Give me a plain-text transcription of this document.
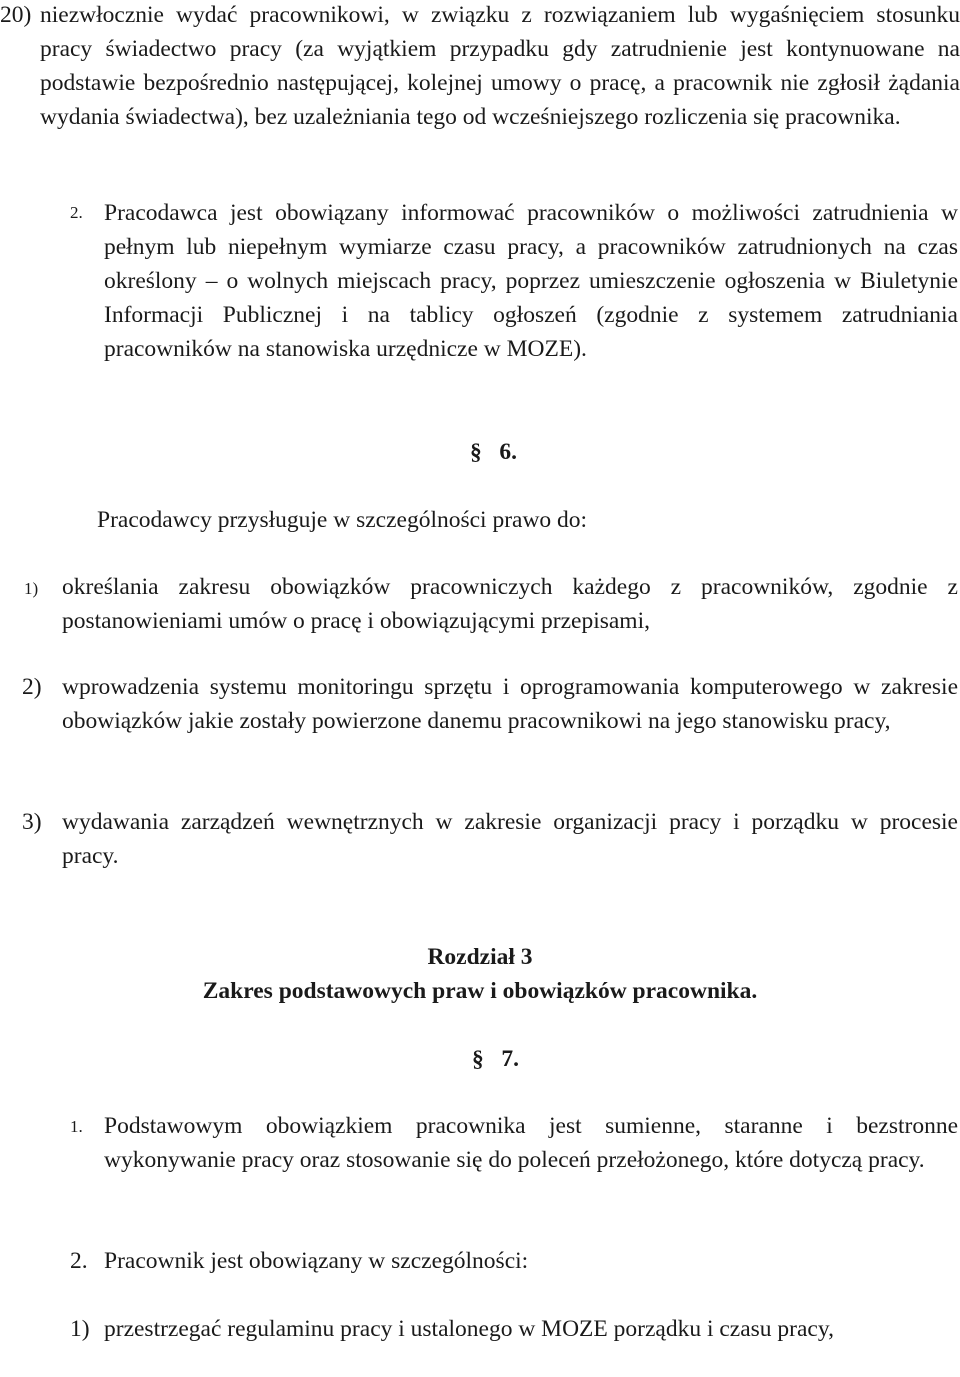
20) niezwłocznie wydać pracownikowi, w związku z rozwiązaniem lub wygaśnięciem stosunku pracy świadectwo pracy (za wyjątkiem przypadku gdy zatrudnienie jest kontynuowane na podstawie bezpośrednio następującej, kolejnej umowy o pracę, a pracownik nie zgłosił żądania wydania świadectwa), bez uzależniania tego od wcześniejszego rozliczenia się pracownika.
2. Pracodawca jest obowiązany informować pracowników o możliwości zatrudnienia w pełnym lub niepełnym wymiarze czasu pracy, a pracowników zatrudnionych na czas określony – o wolnych miejscach pracy, poprzez umieszczenie ogłoszenia w Biuletynie Informacji Publicznej i na tablicy ogłoszeń (zgodnie z systemem zatrudniania pracowników na stanowiska urzędnicze w MOZE).
§ 6.
Pracodawcy przysługuje w szczególności prawo do:
1) określania zakresu obowiązków pracowniczych każdego z pracowników, zgodnie z postanowieniami umów o pracę i obowiązującymi przepisami,
2) wprowadzenia systemu monitoringu sprzętu i oprogramowania komputerowego w zakresie obowiązków jakie zostały powierzone danemu pracownikowi na jego stanowisku pracy,
3) wydawania zarządzeń wewnętrznych w zakresie organizacji pracy i porządku w procesie pracy.
Rozdział 3
Zakres podstawowych praw i obowiązków pracownika.
§ 7.
1. Podstawowym obowiązkiem pracownika jest sumienne, staranne i bezstronne wykonywanie pracy oraz stosowanie się do poleceń przełożonego, które dotyczą pracy.
2. Pracownik jest obowiązany w szczególności:
1) przestrzegać regulaminu pracy i ustalonego w MOZE porządku i czasu pracy,
